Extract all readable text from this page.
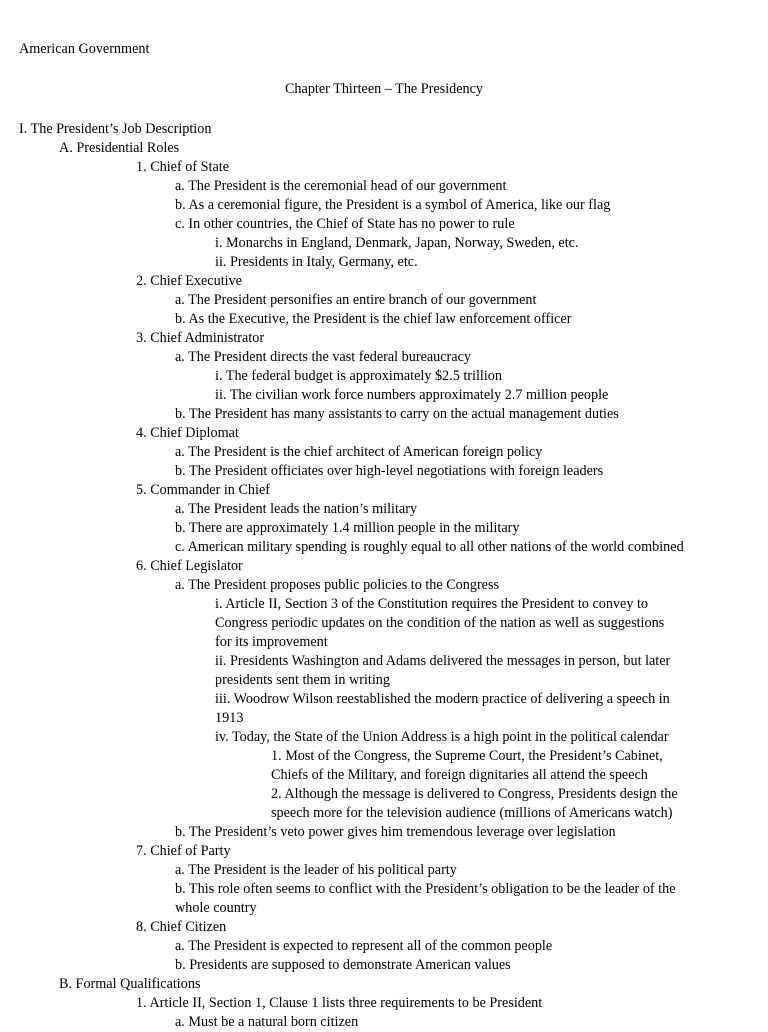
American Government
Chapter Thirteen – The Presidency
I. The President’s Job Description
A. Presidential Roles
1. Chief of State
a. The President is the ceremonial head of our government
b. As a ceremonial figure, the President is a symbol of America, like our flag
c. In other countries, the Chief of State has no power to rule
i. Monarchs in England, Denmark, Japan, Norway, Sweden, etc.
ii. Presidents in Italy, Germany, etc.
2. Chief Executive
a. The President personifies an entire branch of our government
b. As the Executive, the President is the chief law enforcement officer
3. Chief Administrator
a. The President directs the vast federal bureaucracy
i. The federal budget is approximately $2.5 trillion
ii. The civilian work force numbers approximately 2.7 million people
b. The President has many assistants to carry on the actual management duties
4. Chief Diplomat
a. The President is the chief architect of American foreign policy
b. The President officiates over high-level negotiations with foreign leaders
5. Commander in Chief
a. The President leads the nation’s military
b. There are approximately 1.4 million people in the military
c. American military spending is roughly equal to all other nations of the world combined
6. Chief Legislator
a. The President proposes public policies to the Congress
i. Article II, Section 3 of the Constitution requires the President to convey to
Congress periodic updates on the condition of the nation as well as suggestions
for its improvement
ii. Presidents Washington and Adams delivered the messages in person, but later
presidents sent them in writing
iii. Woodrow Wilson reestablished the modern practice of delivering a speech in
1913
iv. Today, the State of the Union Address is a high point in the political calendar
1. Most of the Congress, the Supreme Court, the President’s Cabinet,
Chiefs of the Military, and foreign dignitaries all attend the speech
2. Although the message is delivered to Congress, Presidents design the
speech more for the television audience (millions of Americans watch)
b. The President’s veto power gives him tremendous leverage over legislation
7. Chief of Party
a. The President is the leader of his political party
b. This role often seems to conflict with the President’s obligation to be the leader of the
whole country
8. Chief Citizen
a. The President is expected to represent all of the common people
b. Presidents are supposed to demonstrate American values
B. Formal Qualifications
1. Article II, Section 1, Clause 1 lists three requirements to be President
a. Must be a natural born citizen
